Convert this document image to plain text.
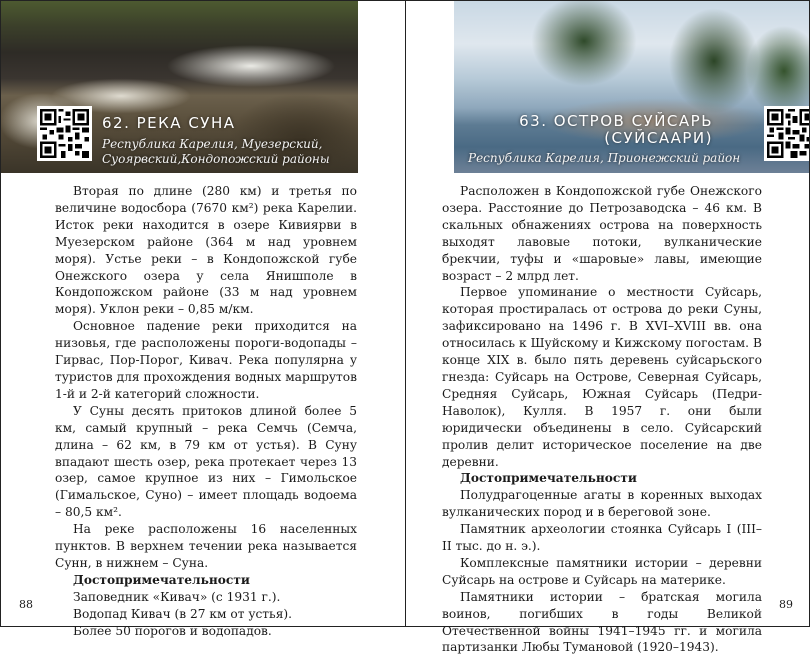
62. РЕКА СУНА
Республика Карелия, Муезерский, Суоярвский,Кондопожский районы

Вторая по длине (280 км) и третья по величине водосбора (7670 км²) река Карелии. Исток реки находится в озере Кивиярви в Муезерском районе (364 м над уровнем моря). Устье реки – в Кондопожской губе Онежского озера у села Янишполе в Кондопожском районе (33 м над уровнем моря). Уклон реки – 0,85 м/км.

Основное падение реки приходится на низовья, где расположены пороги-водопады – Гирвас, Пор-Порог, Кивач. Река популярна у туристов для прохождения водных маршрутов 1-й и 2-й категорий сложности.

У Суны десять притоков длиной более 5 км, самый крупный – река Семчь (Семча, длина – 62 км, в 79 км от устья). В Суну впадают шесть озер, река протекает через 13 озер, самое крупное из них – Гимольское (Гимальское, Суно) – имеет площадь водоема – 80,5 км².

На реке расположены 16 населенных пунктов. В верхнем течении река называется Сунн, в нижнем – Суна.

Достопримечательности

Заповедник «Кивач» (с 1931 г.).

Водопад Кивач (в 27 км от устья).

Более 50 порогов и водопадов.

88
63. ОСТРОВ СУЙСАРЬ
(СУЙСААРИ)
Республика Карелия, Прионежский район

Расположен в Кондопожской губе Онежского озера. Расстояние до Петрозаводска – 46 км. В скальных обнажениях острова на поверхность выходят лавовые потоки, вулканические брекчии, туфы и «шаровые» лавы, имеющие возраст – 2 млрд лет.

Первое упоминание о местности Суйсарь, которая простиралась от острова до реки Суны, зафиксировано на 1496 г. В XVI–XVIII вв. она относилась к Шуйскому и Кижскому погостам. В конце XIX в. было пять деревень суйсарьского гнезда: Суйсарь на Острове, Северная Суйсарь, Средняя Суйсарь, Южная Суйсарь (Педри-Наволок), Кулля. В 1957 г. они были юридически объединены в село. Суйсарский пролив делит историческое поселение на две деревни.

Достопримечательности

Полудрагоценные агаты в коренных выходах вулканических пород и в береговой зоне.

Памятник археологии стоянка Суйсарь I (III–II тыс. до н. э.).

Комплексные памятники истории – деревни Суйсарь на острове и Суйсарь на материке.

Памятники истории – братская могила воинов, погибших в годы Великой Отечественной войны 1941–1945 гг. и могила партизанки Любы Тумановой (1920–1943).

89
